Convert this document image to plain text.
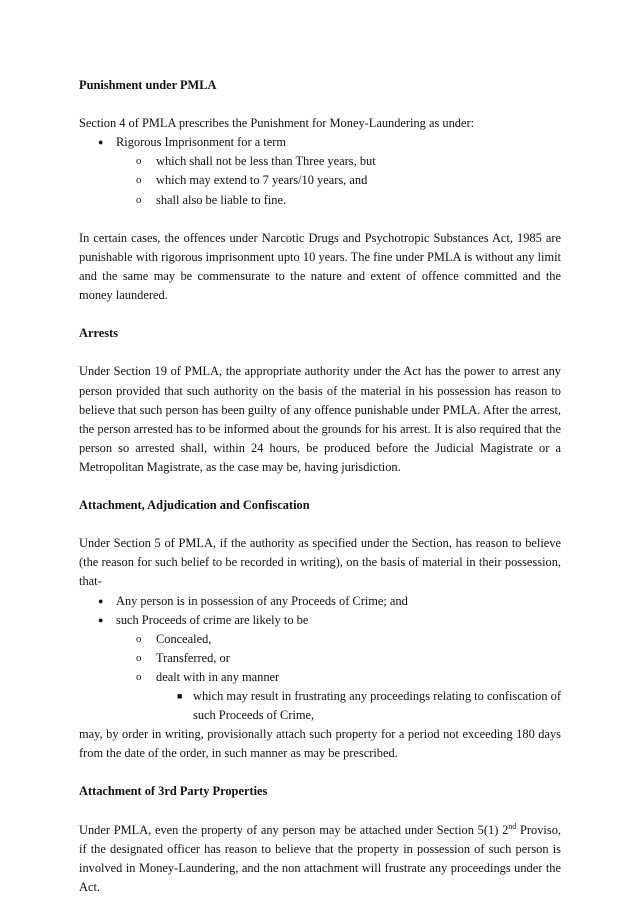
Punishment under PMLA

Section 4 of PMLA prescribes the Punishment for Money-Laundering as under:

● Rigorous Imprisonment for a term
o which shall not be less than Three years, but
o which may extend to 7 years/10 years, and
o shall also be liable to fine.

In certain cases, the offences under Narcotic Drugs and Psychotropic Substances Act, 1985 are punishable with rigorous imprisonment upto 10 years. The fine under PMLA is without any limit and the same may be commensurate to the nature and extent of offence committed and the money laundered.

Arrests

Under Section 19 of PMLA, the appropriate authority under the Act has the power to arrest any person provided that such authority on the basis of the material in his possession has reason to believe that such person has been guilty of any offence punishable under PMLA. After the arrest, the person arrested has to be informed about the grounds for his arrest. It is also required that the person so arrested shall, within 24 hours, be produced before the Judicial Magistrate or a Metropolitan Magistrate, as the case may be, having jurisdiction.

Attachment, Adjudication and Confiscation

Under Section 5 of PMLA, if the authority as specified under the Section, has reason to believe (the reason for such belief to be recorded in writing), on the basis of material in their possession, that-

● Any person is in possession of any Proceeds of Crime; and
● such Proceeds of crime are likely to be
o Concealed,
o Transferred, or
o dealt with in any manner
■ which may result in frustrating any proceedings relating to confiscation of such Proceeds of Crime,

may, by order in writing, provisionally attach such property for a period not exceeding 180 days from the date of the order, in such manner as may be prescribed.

Attachment of 3rd Party Properties

Under PMLA, even the property of any person may be attached under Section 5(1) 2nd Proviso, if the designated officer has reason to believe that the property in possession of such person is involved in Money-Laundering, and the non attachment will frustrate any proceedings under the Act.
